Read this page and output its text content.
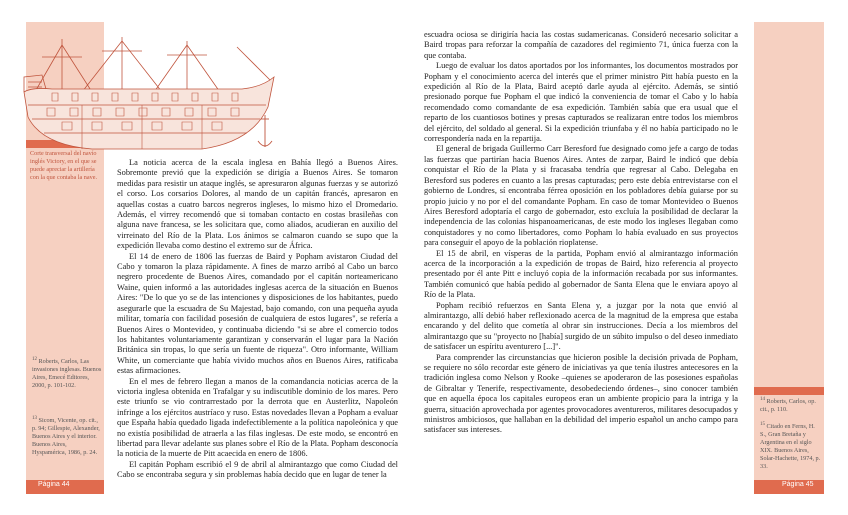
Corte transversal del navío inglés Victory, en el que se puede apreciar la artillería con la que contaba la nave.
$^{12}$ Roberts, Carlos, Las invasiones inglesas. Buenos Aires, Emecé Editores, 2000, p. 101-102.
$^{13}$ Sicom, Vicente, op. cit., p. 94; Gillespie, Alexander, Buenos Aires y el interior. Buenos Aires, Hyspamérica, 1986, p. 24.
Página 44

La noticia acerca de la escala inglesa en Bahía llegó a Buenos Aires. Sobremonte previó que la expedición se dirigía a Buenos Aires. Se tomaron medidas para resistir un ataque inglés, se apresuraron algunas fuerzas y se autorizó el corso. Los corsarios Dolores, al mando de un capitán francés, apresaron en aquellas costas a cuatro barcos negreros ingleses, lo mismo hizo el Dromedario. Además, el virrey recomendó que si tomaban contacto en costas brasileñas con alguna nave francesa, se les solicitara que, como aliados, acudieran en auxilio del virreinato del Río de la Plata. Los ánimos se calmaron cuando se supo que la expedición llevaba como destino el extremo sur de África.

El 14 de enero de 1806 las fuerzas de Baird y Popham avistaron Ciudad del Cabo y tomaron la plaza rápidamente. A fines de marzo arribó al Cabo un barco negrero procedente de Buenos Aires, comandado por el capitán norteamericano Waine, quien informó a las autoridades inglesas acerca de la situación en Buenos Aires: "De lo que yo se de las intenciones y disposiciones de los habitantes, puedo asegurarle que la escuadra de Su Majestad, bajo comando, con una pequeña ayuda militar, tomaría con facilidad posesión de cualquiera de estos lugares", se refería a Buenos Aires o Montevideo, y continuaba diciendo "si se abre el comercio todos los habitantes voluntariamente garantizan y conservarán el lugar para la Nación Británica sin tropas, lo que sería un fuente de riqueza". Otro informante, William White, un comerciante que había vivido muchos años en Buenos Aires, ratificaba estas afirmaciones.

En el mes de febrero llegan a manos de la comandancia noticias acerca de la victoria inglesa obtenida en Trafalgar y su indiscutible dominio de los mares. Pero este triunfo se vio contrarrestado por la derrota que en Austerlitz, Napoleón infringe a los ejércitos austríaco y ruso. Estas novedades llevan a Popham a evaluar que España había quedado ligada indefectiblemente a la política napoleónica y que no existía posibilidad de atraerla a las filas inglesas. De este modo, se encontró en libertad para llevar adelante sus planes sobre el Río de la Plata. Popham desconocía la noticia de la muerte de Pitt acaecida en enero de 1806.

El capitán Popham escribió el 9 de abril al almirantazgo que como Ciudad del Cabo se encontraba segura y sin problemas había decido que en lugar de tener la

escuadra ociosa se dirigiría hacia las costas sudamericanas. Consideró necesario solicitar a Baird tropas para reforzar la compañía de cazadores del regimiento 71, única fuerza con la que contaba.

Luego de evaluar los datos aportados por los informantes, los documentos mostrados por Popham y el conocimiento acerca del interés que el primer ministro Pitt había puesto en la expedición al Río de la Plata, Baird aceptó darle ayuda al ejército. Además, se sintió presionado porque fue Popham el que indicó la conveniencia de tomar el Cabo y lo había recomendado como comandante de esa expedición. También sabía que era usual que el reparto de los cuantiosos botines y presas capturados se realizaran entre todos los miembros del ejército, del soldado al general. Si la expedición triunfaba y él no había participado no le correspondería nada en la repartija.

El general de brigada Guillermo Carr Beresford fue designado como jefe a cargo de todas las fuerzas que partirían hacia Buenos Aires. Antes de zarpar, Baird le indicó que debía conquistar el Río de la Plata y si fracasaba tendría que regresar al Cabo. Delegaba en Beresford sus poderes en cuanto a las presas capturadas; pero este debía entrevistarse con el gobierno de Londres, sí encontraba férrea oposición en los pobladores debía guiarse por su propio juicio y no por el del comandante Popham. En caso de tomar Montevideo o Buenos Aires Beresford adoptaría el cargo de gobernador, esto excluía la posibilidad de declarar la independencia de las colonias hispanoamericanas, de este modo los ingleses llegaban como conquistadores y no como libertadores, como Popham lo había evaluado en sus proyectos para conseguir el apoyo de la población rioplatense.

El 15 de abril, en vísperas de la partida, Popham envió al almirantazgo información acerca de la incorporación a la expedición de tropas de Baird, hizo referencia al proyecto presentado por él ante Pitt e incluyó copia de la información recabada por sus informantes. También comunicó que había pedido al gobernador de Santa Elena que le enviara apoyo al Río de la Plata.

Popham recibió refuerzos en Santa Elena y, a juzgar por la nota que envió al almirantazgo, allí debió haber reflexionado acerca de la magnitud de la empresa que estaba encarando y del delito que cometía al obrar sin instrucciones. Decía a los miembros del almirantazgo que su "proyecto no [había] surgido de un súbito impulso o del deseo inmediato de satisfacer un espíritu aventurero [...]".

Para comprender las circunstancias que hicieron posible la decisión privada de Popham, se requiere no sólo recordar este género de iniciativas ya que tenía ilustres antecesores en la tradición inglesa como Nelson y Rooke –quienes se apoderaron de las posesiones españolas de Gibraltar y Tenerife, respectivamente, desobedeciendo órdenes–, sino conocer también que en aquella época los capitales europeos eran un ambiente propicio para la intriga y la guerra, situación aprovechada por agentes provocadores aventureros, militares desocupados y ministros ambiciosos, que hallaban en la debilidad del imperio español un ancho campo para satisfacer sus intereses.

$^{14}$ Roberts, Carlos, op. cit., p. 110.
$^{15}$ Citado en Ferns, H. S., Gran Bretaña y Argentina en el siglo XIX. Buenos Aires, Solar-Hachette, 1974, p. 33.
Página 45
